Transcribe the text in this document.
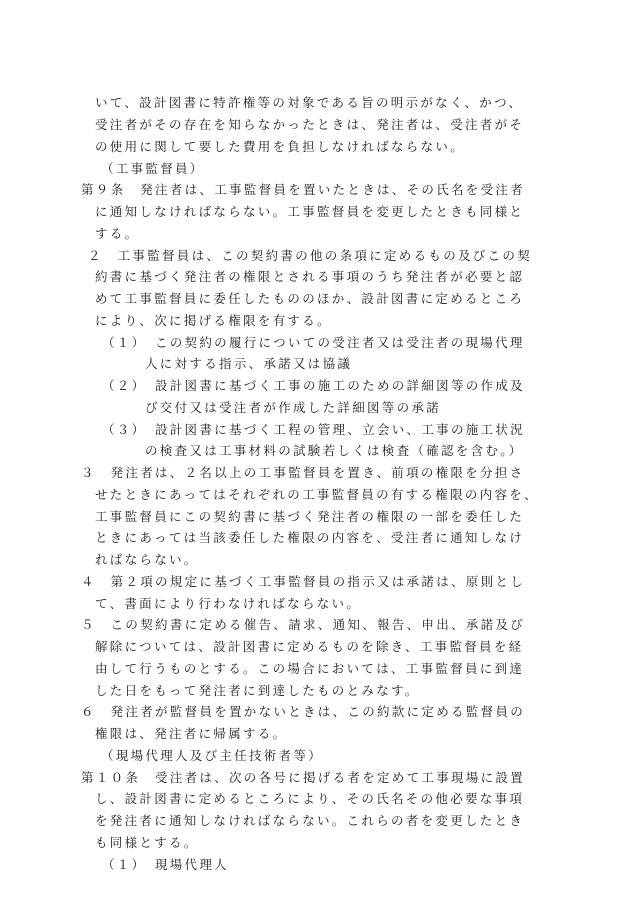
いて、設計図書に特許権等の対象である旨の明示がなく、かつ、
受注者がその存在を知らなかったときは、発注者は、受注者がそ
の使用に関して要した費用を負担しなければならない。
（工事監督員）
第９条　発注者は、工事監督員を置いたときは、その氏名を受注者
に通知しなければならない。工事監督員を変更したときも同様と
する。
２　工事監督員は、この契約書の他の条項に定めるもの及びこの契
約書に基づく発注者の権限とされる事項のうち発注者が必要と認
めて工事監督員に委任したもののほか、設計図書に定めるところ
により、次に掲げる権限を有する。
（１）　この契約の履行についての受注者又は受注者の現場代理
人に対する指示、承諾又は協議
（２）　設計図書に基づく工事の施工のための詳細図等の作成及
び交付又は受注者が作成した詳細図等の承諾
（３）　設計図書に基づく工程の管理、立会い、工事の施工状況
の検査又は工事材料の試験若しくは検査（確認を含む。）
３　発注者は、２名以上の工事監督員を置き、前項の権限を分担さ
せたときにあってはそれぞれの工事監督員の有する権限の内容を、
工事監督員にこの契約書に基づく発注者の権限の一部を委任した
ときにあっては当該委任した権限の内容を、受注者に通知しなけ
ればならない。
４　第２項の規定に基づく工事監督員の指示又は承諾は、原則とし
て、書面により行わなければならない。
５　この契約書に定める催告、請求、通知、報告、申出、承諾及び
解除については、設計図書に定めるものを除き、工事監督員を経
由して行うものとする。この場合においては、工事監督員に到達
した日をもって発注者に到達したものとみなす。
６　発注者が監督員を置かないときは、この約款に定める監督員の
権限は、発注者に帰属する。
（現場代理人及び主任技術者等）
第１０条　受注者は、次の各号に掲げる者を定めて工事現場に設置
し、設計図書に定めるところにより、その氏名その他必要な事項
を発注者に通知しなければならない。これらの者を変更したとき
も同様とする。
（１）　現場代理人
